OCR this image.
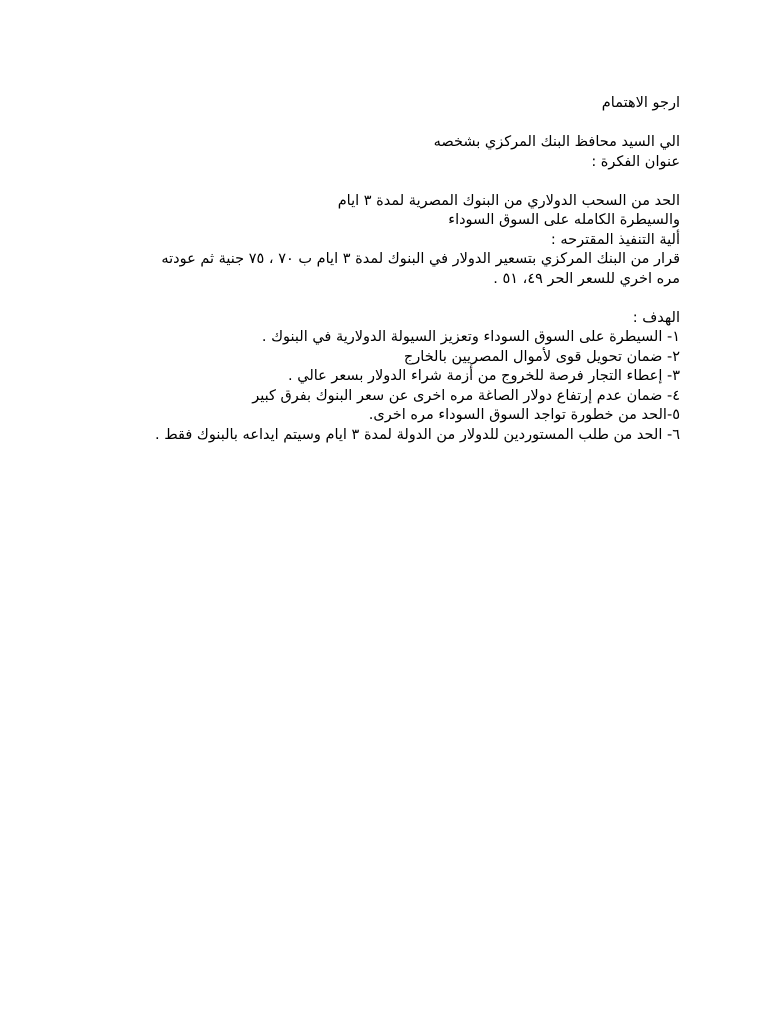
ارجو الاهتمام

الي السيد محافظ البنك المركزي بشخصه

عنوان الفكرة :

الحد من السحب الدولاري من البنوك المصرية لمدة ٣ ايام

والسيطرة الكامله على السوق السوداء

ألية التنفيذ المقترحه :

قرار من البنك المركزي بتسعير الدولار في البنوك لمدة ٣ ايام ب ٧٠ ، ٧٥ جنية ثم عودته

مره اخري للسعر الحر ٤٩، ٥١ .

الهدف :

١- السيطرة على السوق السوداء وتعزيز السيولة الدولارية في البنوك .

٢- ضمان تحويل قوى لأموال المصريين بالخارج

٣- إعطاء التجار فرصة للخروج من أزمة شراء الدولار بسعر عالي .

٤- ضمان عدم إرتفاع دولار الصاغة مره اخرى عن سعر البنوك بفرق كبير

٥-الحد من خطورة تواجد السوق السوداء مره اخرى.

٦- الحد من طلب المستوردين للدولار من الدولة لمدة ٣ ايام وسيتم ايداعه بالبنوك فقط .
